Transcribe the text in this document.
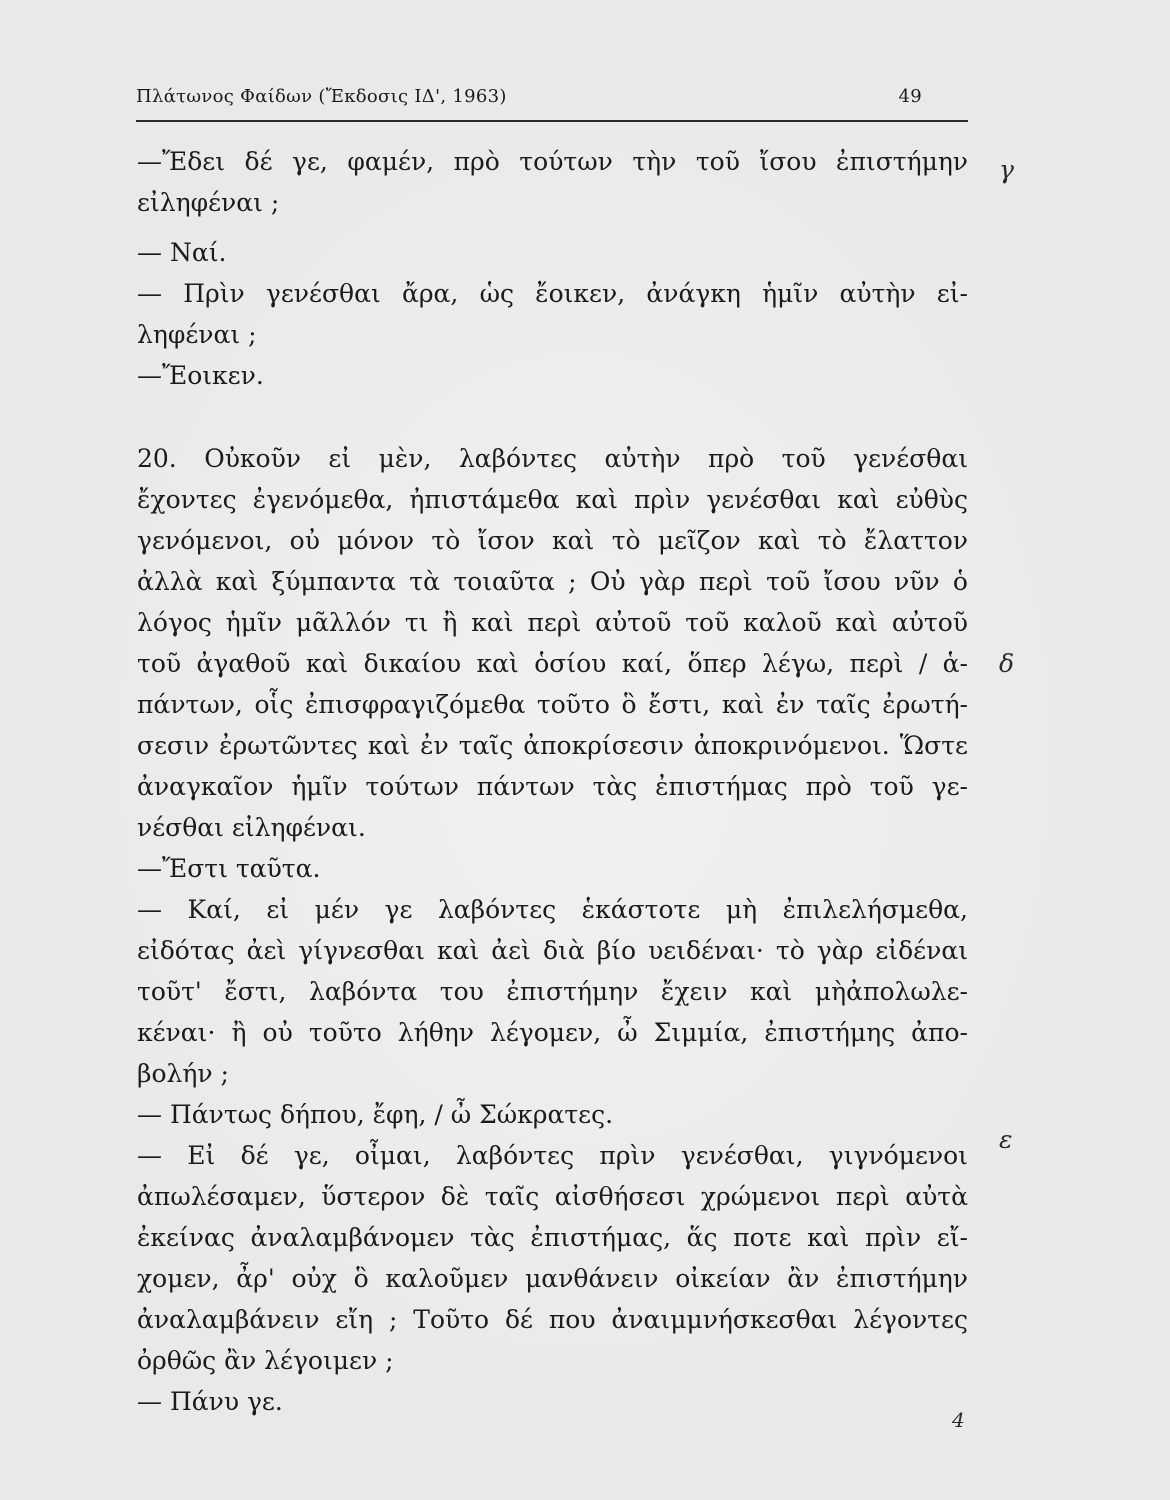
Πλάτωνος Φαίδων (Ἔκδοσις ΙΔ', 1963)	49
—Ἔδει δέ γε, φαμέν, πρὸ τούτων τὴν τοῦ ἴσου ἐπιστήμην
εἰληφέναι ;
— Ναί.
— Πρὶν γενέσθαι ἄρα, ὡς ἔοικεν, ἀνάγκη ἡμῖν αὐτὴν εἰ-
ληφέναι ;
—Ἔοικεν.
20. Οὐκοῦν εἰ μὲν, λαβόντες αὐτὴν πρὸ τοῦ γενέσθαι
ἔχοντες ἐγενόμεθα, ἠπιστάμεθα καὶ πρὶν γενέσθαι καὶ εὐθὺς
γενόμενοι, οὐ μόνον τὸ ἴσον καὶ τὸ μεῖζον καὶ τὸ ἔλαττον
ἀλλὰ καὶ ξύμπαντα τὰ τοιαῦτα ; Οὐ γὰρ περὶ τοῦ ἴσου νῦν ὁ
λόγος ἡμῖν μᾶλλόν τι ἢ καὶ περὶ αὐτοῦ τοῦ καλοῦ καὶ αὐτοῦ
τοῦ ἀγαθοῦ καὶ δικαίου καὶ ὁσίου καί, ὅπερ λέγω, περὶ / ἁ-
πάντων, οἷς ἐπισφραγιζόμεθα τοῦτο ὃ ἔστι, καὶ ἐν ταῖς ἐρωτή-
σεσιν ἐρωτῶντες καὶ ἐν ταῖς ἀποκρίσεσιν ἀποκρινόμενοι. Ὥστε
ἀναγκαῖον ἡμῖν τούτων πάντων τὰς ἐπιστήμας πρὸ τοῦ γε-
νέσθαι εἰληφέναι.
—Ἔστι ταῦτα.
— Καί, εἰ μέν γε λαβόντες ἑκάστοτε μὴ ἐπιλελήσμεθα,
εἰδότας ἀεὶ γίγνεσθαι καὶ ἀεὶ διὰ βίο υειδέναι· τὸ γὰρ εἰδέναι
τοῦτ' ἔστι, λαβόντα του ἐπιστήμην ἔχειν καὶ μὴἀπολωλε-
κέναι· ἢ οὐ τοῦτο λήθην λέγομεν, ὦ Σιμμία, ἐπιστήμης ἀπο-
βολήν ;
— Πάντως δήπου, ἔφη, / ὦ Σώκρατες.
— Εἰ δέ γε, οἶμαι, λαβόντες πρὶν γενέσθαι, γιγνόμενοι
ἀπωλέσαμεν, ὕστερον δὲ ταῖς αἰσθήσεσι χρώμενοι περὶ αὐτὰ
ἐκείνας ἀναλαμβάνομεν τὰς ἐπιστήμας, ἅς ποτε καὶ πρὶν εἴ-
χομεν, ἆρ' οὐχ ὃ καλοῦμεν μανθάνειν οἰκείαν ἂν ἐπιστήμην
ἀναλαμβάνειν εἴη ; Τοῦτο δέ που ἀναιμμνήσκεσθαι λέγοντες
ὀρθῶς ἂν λέγοιμεν ;
— Πάνυ γε.
γ
δ
ε
4
